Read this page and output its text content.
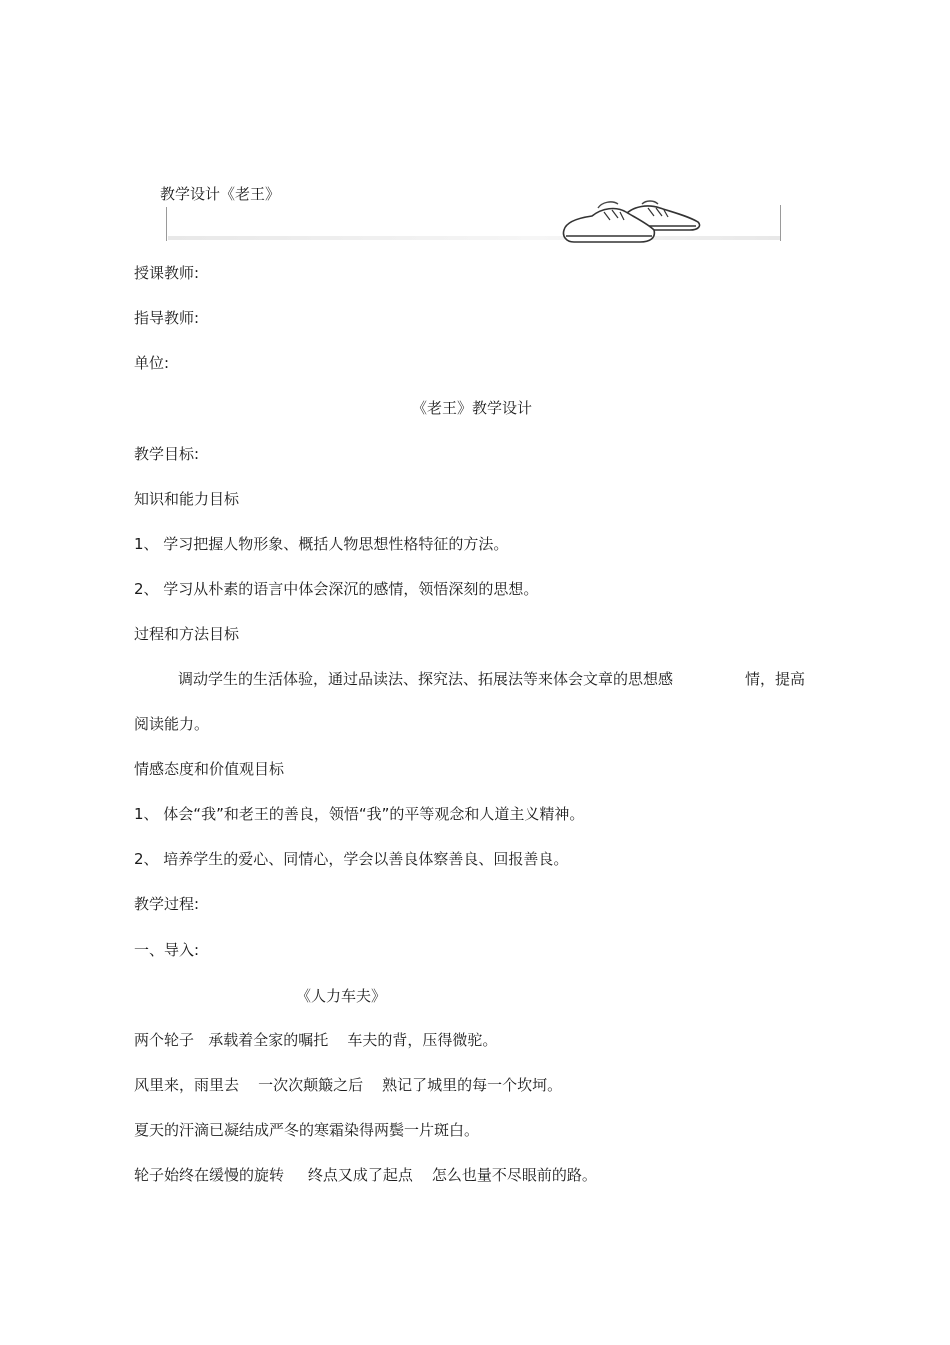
教学设计《老王》
授课教师:
指导教师:
单位:
《老王》教学设计
教学目标:
知识和能力目标
1、 学习把握人物形象、概括人物思想性格特征的方法。
2、 学习从朴素的语言中体会深沉的感情，领悟深刻的思想。
过程和方法目标
调动学生的生活体验，通过品读法、探究法、拓展法等来体会文章的思想感	情，提高
阅读能力。
情感态度和价值观目标
1、 体会“我”和老王的善良，领悟“我”的平等观念和人道主义精神。
2、 培养学生的爱心、同情心，学会以善良体察善良、回报善良。
教学过程:
一、导入:
《人力车夫》
两个轮子   承载着全家的嘱托    车夫的背，压得微驼。
风里来，雨里去    一次次颠簸之后    熟记了城里的每一个坎坷。
夏天的汗滴已凝结成严冬的寒霜染得两鬓一片斑白。
轮子始终在缓慢的旋转     终点又成了起点    怎么也量不尽眼前的路。
